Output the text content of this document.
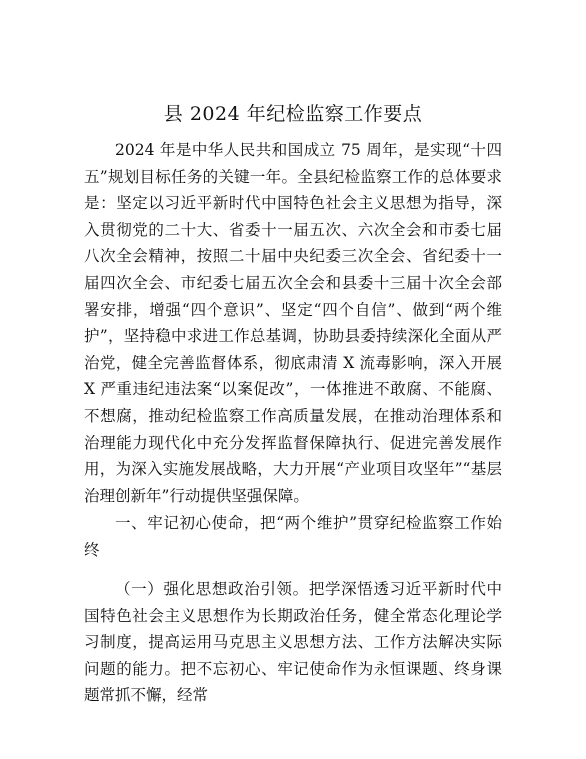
县 2024 年纪检监察工作要点

2024 年是中华人民共和国成立 75 周年，是实现“十四五”规划目标任务的关键一年。全县纪检监察工作的总体要求是：坚定以习近平新时代中国特色社会主义思想为指导，深入贯彻党的二十大、省委十一届五次、六次全会和市委七届八次全会精神，按照二十届中央纪委三次全会、省纪委十一届四次全会、市纪委七届五次全会和县委十三届十次全会部署安排，增强“四个意识”、坚定“四个自信”、做到“两个维护”，坚持稳中求进工作总基调，协助县委持续深化全面从严治党，健全完善监督体系，彻底肃清 X 流毒影响，深入开展 X 严重违纪违法案“以案促改”，一体推进不敢腐、不能腐、不想腐，推动纪检监察工作高质量发展，在推动治理体系和治理能力现代化中充分发挥监督保障执行、促进完善发展作用，为深入实施发展战略，大力开展“产业项目攻坚年”“基层治理创新年”行动提供坚强保障。

一、牢记初心使命，把“两个维护”贯穿纪检监察工作始终

（一）强化思想政治引领。把学深悟透习近平新时代中国特色社会主义思想作为长期政治任务，健全常态化理论学习制度，提高运用马克思主义思想方法、工作方法解决实际问题的能力。把不忘初心、牢记使命作为永恒课题、终身课题常抓不懈，经常
